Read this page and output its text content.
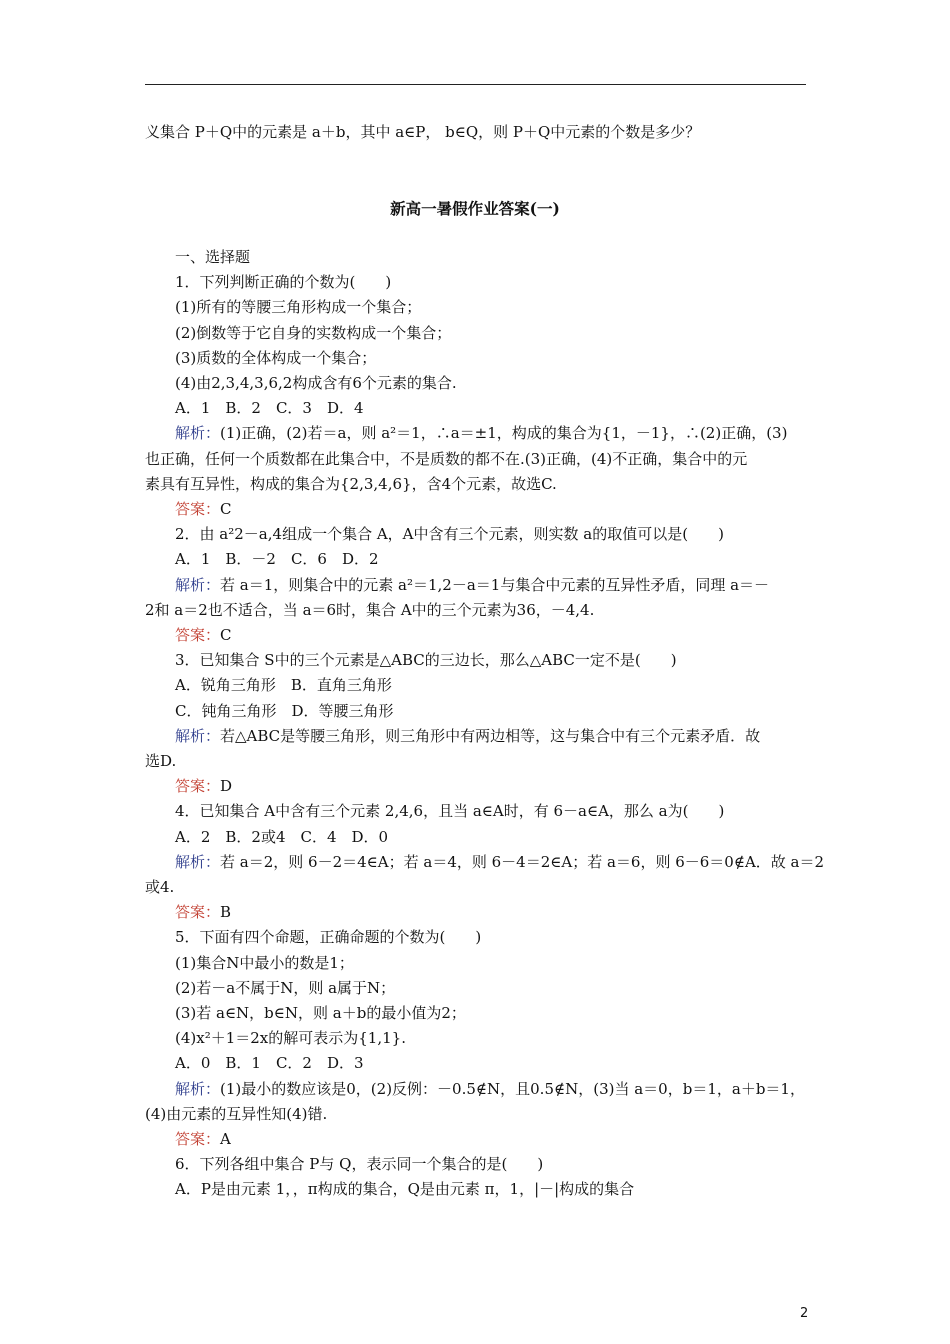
义集合 P＋Q中的元素是 a＋b，其中 a∈P， b∈Q，则 P＋Q中元素的个数是多少？
新高一暑假作业答案(一)
一、选择题
1．下列判断正确的个数为(　　)
(1)所有的等腰三角形构成一个集合；
(2)倒数等于它自身的实数构成一个集合；
(3)质数的全体构成一个集合；
(4)由2,3,4,3,6,2构成含有6个元素的集合.
A．1　B．2　C．3　D．4
解析：(1)正确，(2)若＝a，则 a²＝1，∴a＝±1，构成的集合为{1，－1}，∴(2)正确，(3)
也正确，任何一个质数都在此集合中，不是质数的都不在.(3)正确，(4)不正确，集合中的元
素具有互异性，构成的集合为{2,3,4,6}，含4个元素，故选C.
答案：C
2．由 a²2－a,4组成一个集合 A，A中含有三个元素，则实数 a的取值可以是(　　)
A．1　B．－2　C．6　D．2
解析：若 a＝1，则集合中的元素 a²＝1,2－a＝1与集合中元素的互异性矛盾，同理 a＝－
2和 a＝2也不适合，当 a＝6时，集合 A中的三个元素为36，－4,4.
答案：C
3．已知集合 S中的三个元素是△ABC的三边长，那么△ABC一定不是(　　)
A．锐角三角形　B．直角三角形
C．钝角三角形　D．等腰三角形
解析：若△ABC是等腰三角形，则三角形中有两边相等，这与集合中有三个元素矛盾．故
选D.
答案：D
4．已知集合 A中含有三个元素 2,4,6，且当 a∈A时，有 6－a∈A，那么 a为(　　)
A．2　B．2或4　C．4　D．0
解析：若 a＝2，则 6－2＝4∈A；若 a＝4，则 6－4＝2∈A；若 a＝6，则 6－6＝0∉A．故 a＝2
或4.
答案：B
5．下面有四个命题，正确命题的个数为(　　)
(1)集合N中最小的数是1；
(2)若－a不属于N，则 a属于N；
(3)若 a∈N，b∈N，则 a＋b的最小值为2；
(4)x²＋1＝2x的解可表示为{1,1}.
A．0　B．1　C．2　D．3
解析：(1)最小的数应该是0，(2)反例：－0.5∉N，且0.5∉N，(3)当 a＝0，b＝1，a＋b＝1，
(4)由元素的互异性知(4)错.
答案：A
6．下列各组中集合 P与 Q，表示同一个集合的是(　　)
A．P是由元素 1，，π构成的集合，Q是由元素 π，1，|－|构成的集合
2
